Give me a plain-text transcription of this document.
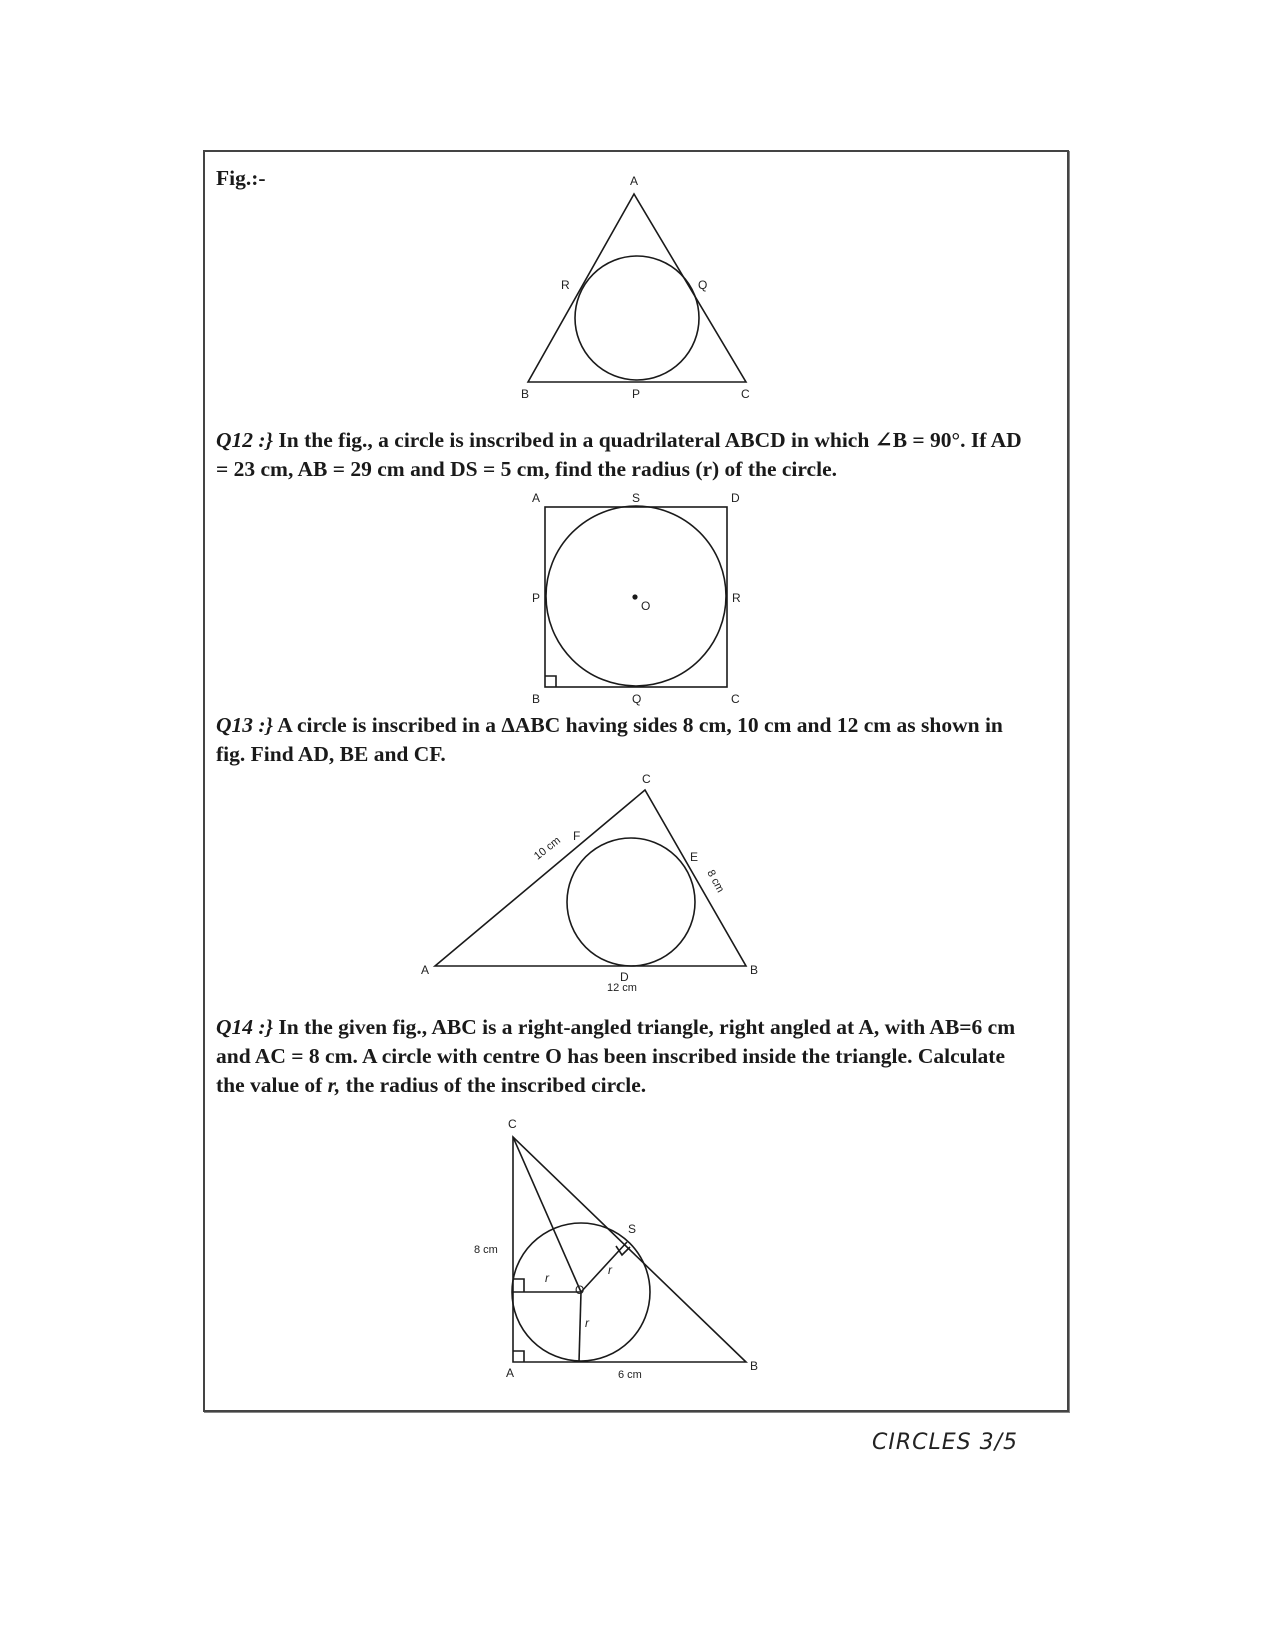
Fig.:-	A
B	C
P
Q
R
Q12 :} In the fig., a circle is inscribed in a quadrilateral ABCD in which ∠B = 90°. If AD
= 23 cm, AB = 29 cm and DS = 5 cm, find the radius (r) of the circle.
A	S	D
P
O
R
B	Q	C
Q13 :} A circle is inscribed in a ΔABC having sides 8 cm, 10 cm and 12 cm as shown in
fig. Find AD, BE and CF.
C
F
E
A	B
D
10 cm
8 cm
12 cm
Q14 :} In the given fig., ABC is a right-angled triangle, right angled at A, with AB=6 cm
and AC = 8 cm. A circle with centre O has been inscribed inside the triangle. Calculate
the value of r, the radius of the inscribed circle.
C
S
O
A	B
r
r
r
8 cm
6 cm
CIRCLES 3/5
